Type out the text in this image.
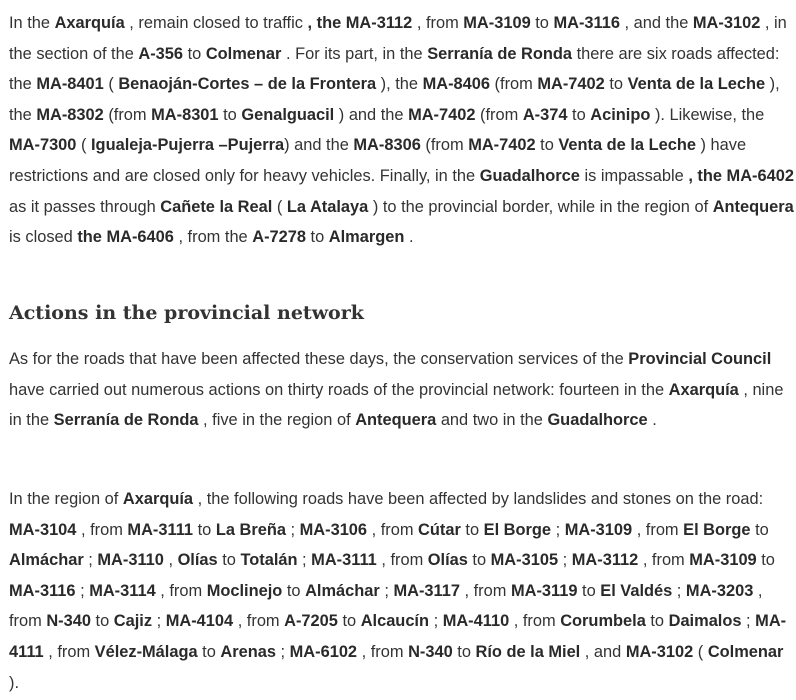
In the Axarquía , remain closed to traffic , the MA-3112 , from MA-3109 to MA-3116 , and the MA-3102 , in the section of the A-356 to Colmenar . For its part, in the Serranía de Ronda there are six roads affected: the MA-8401 ( Benaoján-Cortes – de la Frontera ), the MA-8406 (from MA-7402 to Venta de la Leche ), the MA-8302 (from MA-8301 to Genalguacil ) and the MA-7402 (from A-374 to Acinipo ). Likewise, the MA-7300 ( Igualeja-Pujerra –Pujerra) and the MA-8306 (from MA-7402 to Venta de la Leche ) have restrictions and are closed only for heavy vehicles. Finally, in the Guadalhorce is impassable , the MA-6402 as it passes through Cañete la Real ( La Atalaya ) to the provincial border, while in the region of Antequera is closed the MA-6406 , from the A-7278 to Almargen .

Actions in the provincial network

As for the roads that have been affected these days, the conservation services of the Provincial Council have carried out numerous actions on thirty roads of the provincial network: fourteen in the Axarquía , nine in the Serranía de Ronda , five in the region of Antequera and two in the Guadalhorce .

In the region of Axarquía , the following roads have been affected by landslides and stones on the road: MA-3104 , from MA-3111 to La Breña ; MA-3106 , from Cútar to El Borge ; MA-3109 , from El Borge to Almáchar ; MA-3110 , Olías to Totalán ; MA-3111 , from Olías to MA-3105 ; MA-3112 , from MA-3109 to MA-3116 ; MA-3114 , from Moclinejo to Almáchar ; MA-3117 , from MA-3119 to El Valdés ; MA-3203 , from N-340 to Cajiz ; MA-4104 , from A-7205 to Alcaucín ; MA-4110 , from Corumbela to Daimalos ; MA-4111 , from Vélez-Málaga to Arenas ; MA-6102 , from N-340 to Río de la Miel , and MA-3102 ( Colmenar ).
